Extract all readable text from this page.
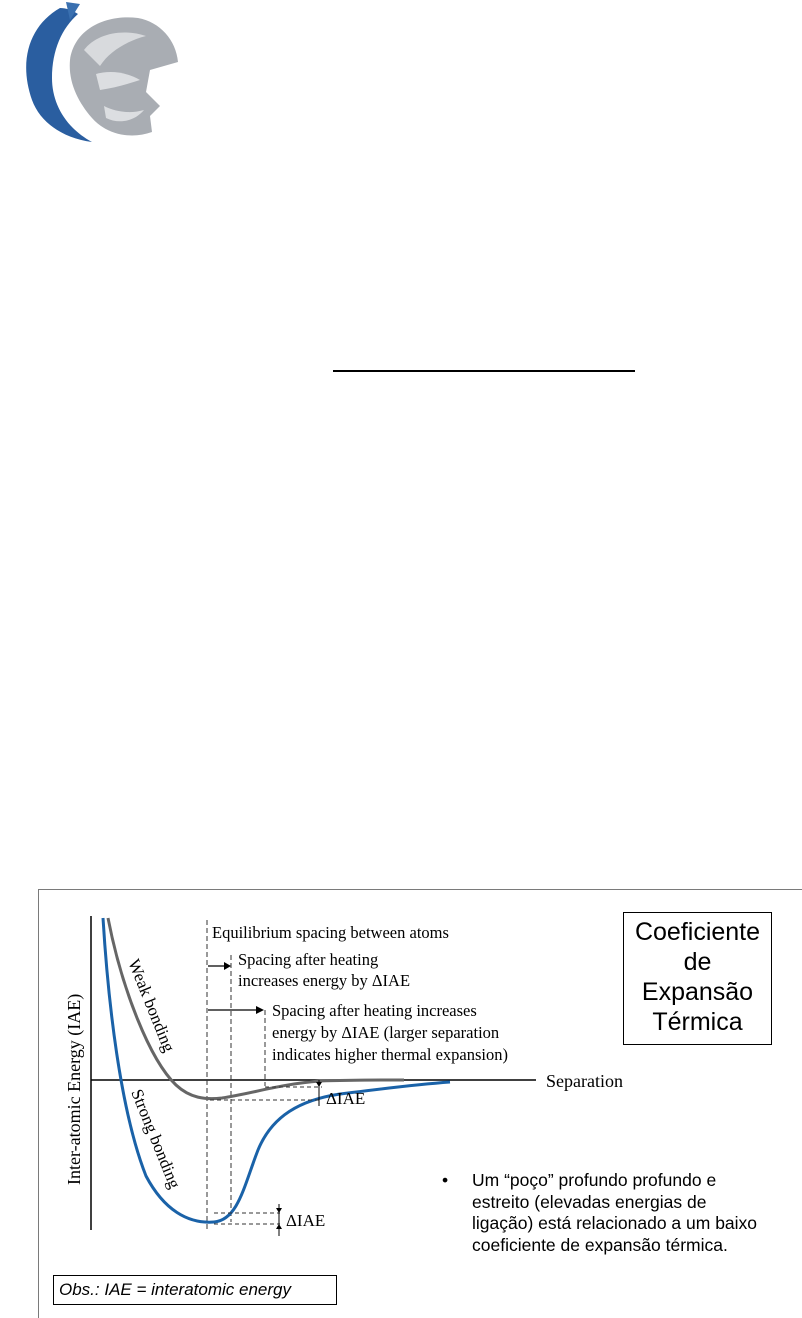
Inter-atomic Energy (IAE)	Separation
Weak bonding
Strong bonding
Equilibrium spacing between atoms
Spacing after heating
increases energy by ΔIAE
Spacing after heating increases
energy by ΔIAE (larger separation
indicates higher thermal expansion)
ΔIAE
ΔIAE
Coeficiente
de
Expansão
Térmica
• Um “poço” profundo profundo e estreito (elevadas energias de ligação) está relacionado a um baixo coeficiente de expansão térmica.
Obs.: IAE = interatomic energy
